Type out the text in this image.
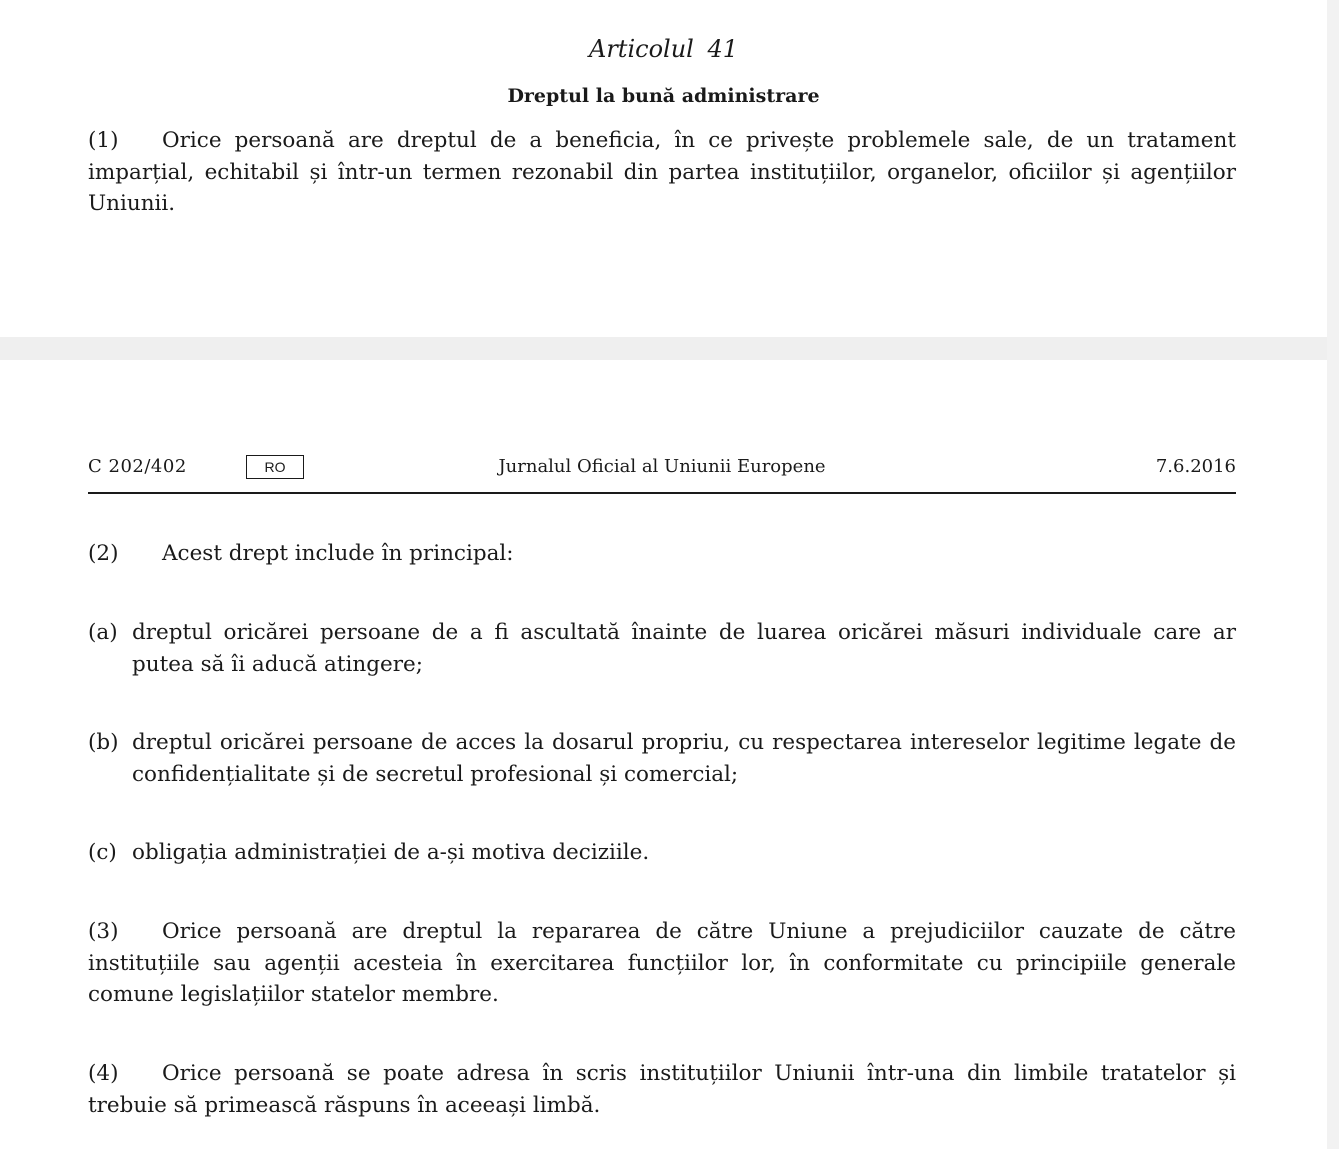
Articolul 41
Dreptul la bună administrare

(1) Orice persoană are dreptul de a beneficia, în ce privește problemele sale, de un tratament imparțial, echitabil și într-un termen rezonabil din partea instituțiilor, organelor, oficiilor și agențiilor Uniunii.

C 202/402	Jurnalul Oficial al Uniunii Europene
RO	7.6.2016

(2) Acest drept include în principal:

(a) dreptul oricărei persoane de a fi ascultată înainte de luarea oricărei măsuri individuale care ar putea să îi aducă atingere;
(b) dreptul oricărei persoane de acces la dosarul propriu, cu respectarea intereselor legitime legate de confidențialitate și de secretul profesional și comercial;
(c) obligația administrației de a-și motiva deciziile.

(3) Orice persoană are dreptul la repararea de către Uniune a prejudiciilor cauzate de către instituțiile sau agenții acesteia în exercitarea funcțiilor lor, în conformitate cu principiile generale comune legislațiilor statelor membre.

(4) Orice persoană se poate adresa în scris instituțiilor Uniunii într-una din limbile tratatelor și trebuie să primească răspuns în aceeași limbă.
